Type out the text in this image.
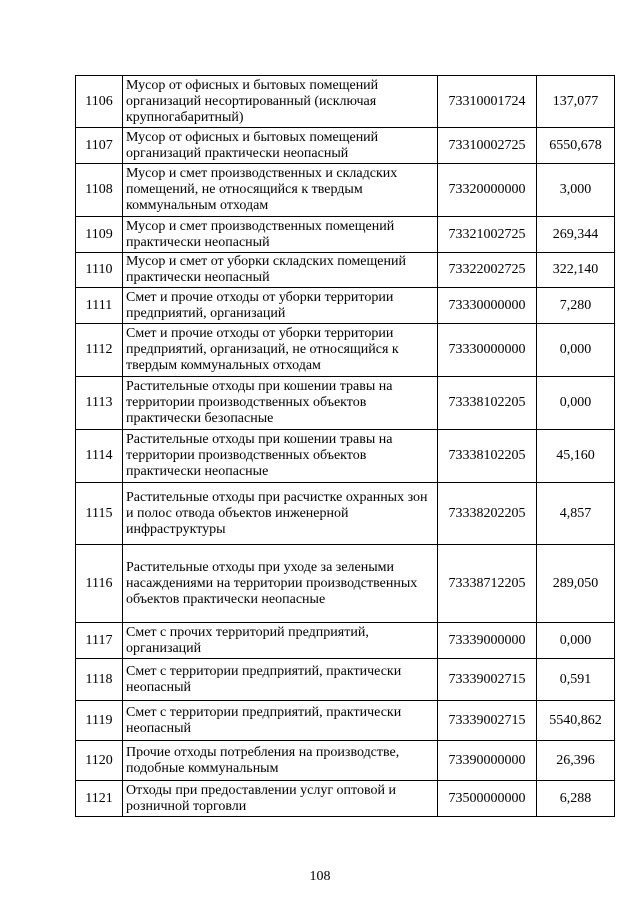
1106	Мусор от офисных и бытовых помещений организаций несортированный (исключая крупногабаритный)	73310001724	137,077
1107	Мусор от офисных и бытовых помещений организаций практически неопасный	73310002725	6550,678
1108	Мусор и смет производственных и складских помещений, не относящийся к твердым коммунальным отходам	73320000000	3,000
1109	Мусор и смет производственных помещений практически неопасный	73321002725	269,344
1110	Мусор и смет от уборки складских помещений практически неопасный	73322002725	322,140
1111	Смет и прочие отходы от уборки территории предприятий, организаций	73330000000	7,280
1112	Смет и прочие отходы от уборки территории предприятий, организаций, не относящийся к твердым коммунальных отходам	73330000000	0,000
1113	Растительные отходы при кошении травы на территории производственных объектов практически безопасные	73338102205	0,000
1114	Растительные отходы при кошении травы на территории производственных объектов практически неопасные	73338102205	45,160
1115	Растительные отходы при расчистке охранных зон и полос отвода объектов инженерной инфраструктуры	73338202205	4,857
1116	Растительные отходы при уходе за зелеными насаждениями на территории производственных объектов практически неопасные	73338712205	289,050
1117	Смет с прочих территорий предприятий, организаций	73339000000	0,000
1118	Смет с территории предприятий, практически неопасный	73339002715	0,591
1119	Смет с территории предприятий, практически неопасный	73339002715	5540,862
1120	Прочие отходы потребления на производстве, подобные коммунальным	73390000000	26,396
1121	Отходы при предоставлении услуг оптовой и розничной торговли	73500000000	6,288
108
